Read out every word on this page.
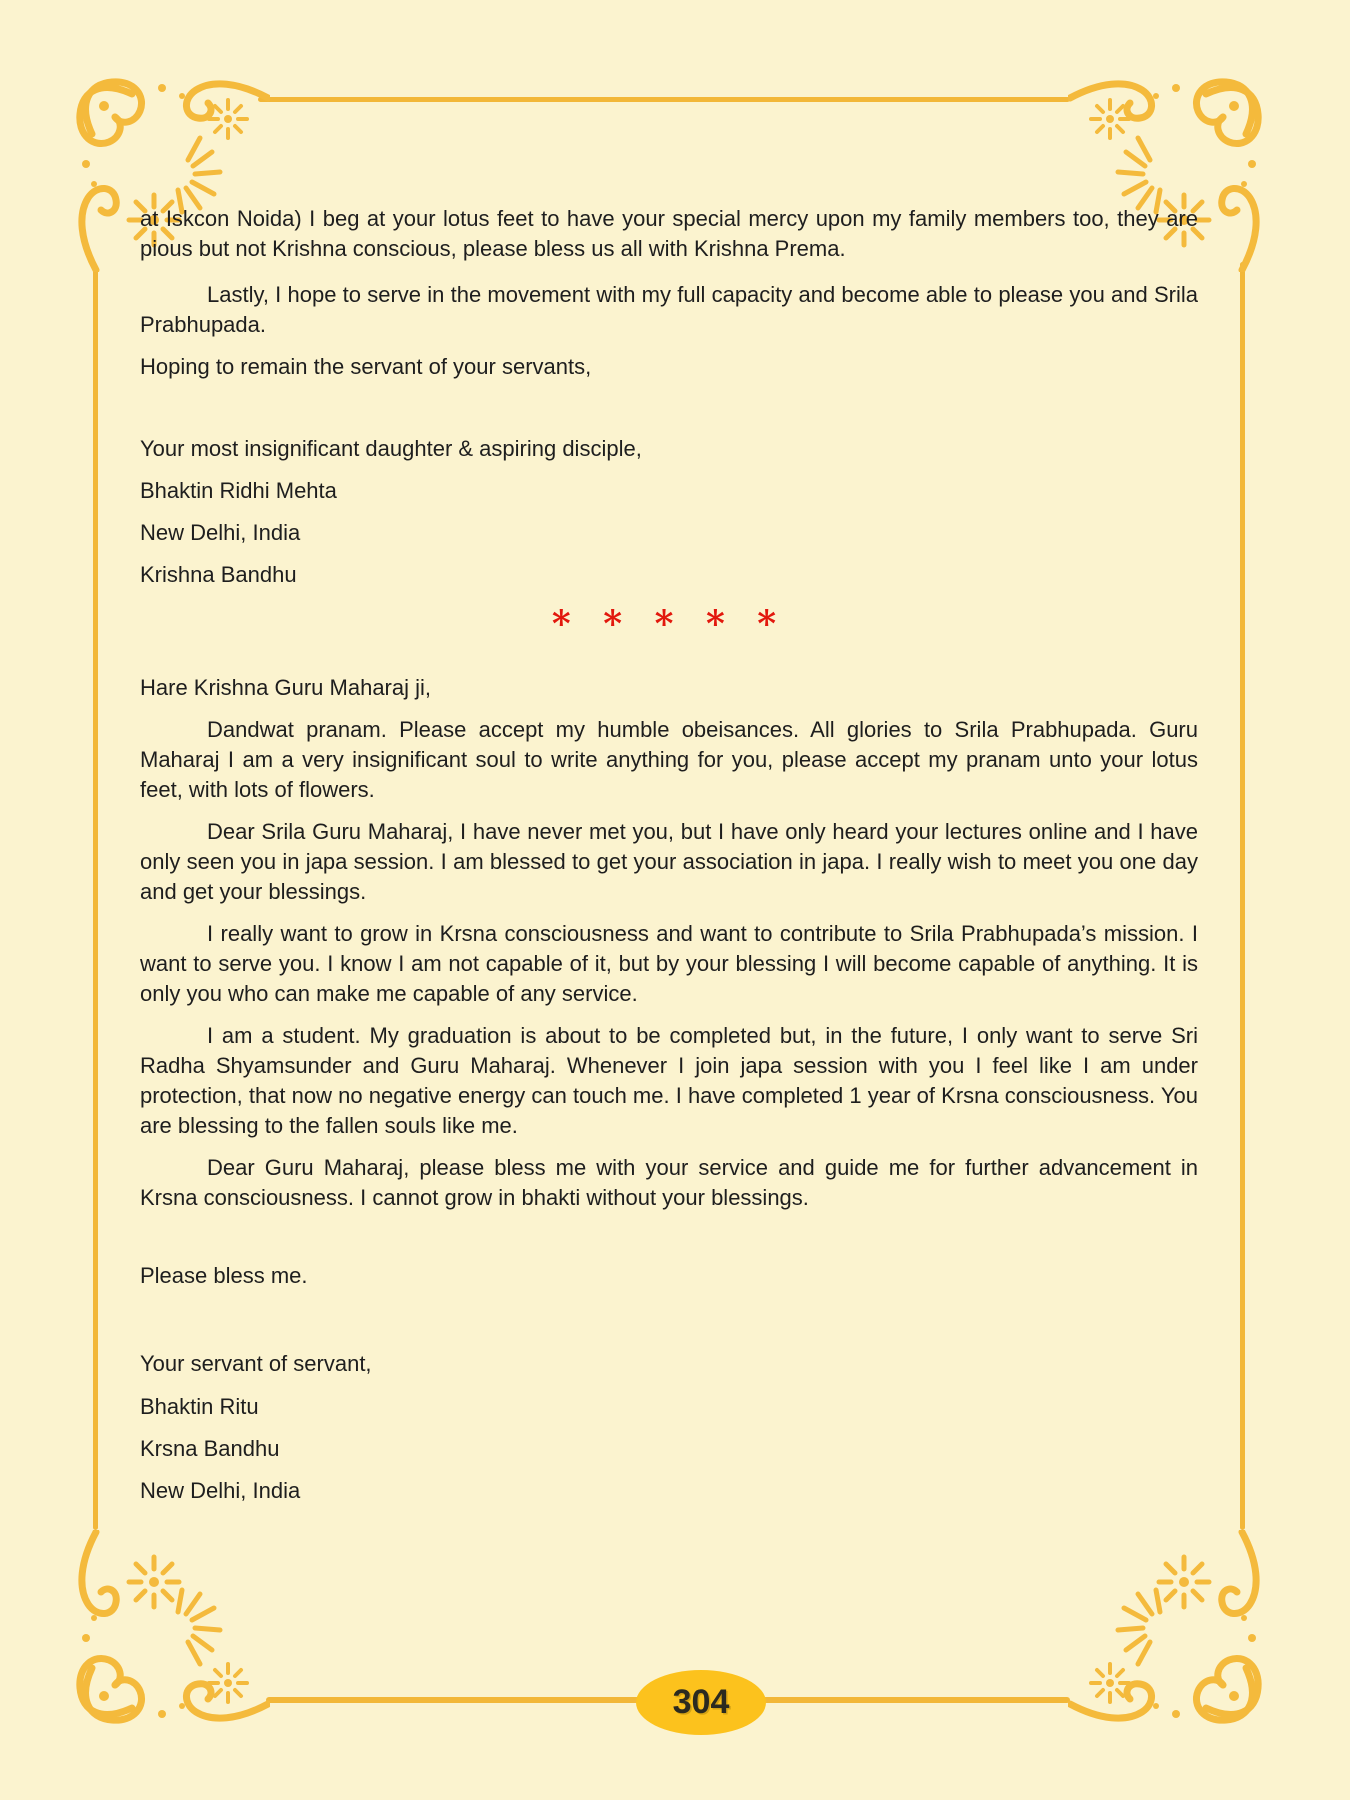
at Iskcon Noida) I beg at your lotus feet to have your special mercy upon my family members too, they are pious but not Krishna conscious, please bless us all with Krishna Prema.

Lastly, I hope to serve in the movement with my full capacity and become able to please you and Srila Prabhupada.

Hoping to remain the servant of your servants,

Your most insignificant daughter & aspiring disciple,

Bhaktin Ridhi Mehta

New Delhi, India

Krishna Bandhu

* * * * *

Hare Krishna Guru Maharaj ji,

Dandwat pranam. Please accept my humble obeisances. All glories to Srila Prabhupada. Guru Maharaj I am a very insignificant soul to write anything for you, please accept my pranam unto your lotus feet, with lots of flowers.

Dear Srila Guru Maharaj, I have never met you, but I have only heard your lectures online and I have only seen you in japa session. I am blessed to get your association in japa. I really wish to meet you one day and get your blessings.

I really want to grow in Krsna consciousness and want to contribute to Srila Prabhupada’s mission. I want to serve you. I know I am not capable of it, but by your blessing I will become capable of anything. It is only you who can make me capable of any service.

I am a student. My graduation is about to be completed but, in the future, I only want to serve Sri Radha Shyamsunder and Guru Maharaj. Whenever I join japa session with you I feel like I am under protection, that now no negative energy can touch me. I have completed 1 year of Krsna consciousness. You are blessing to the fallen souls like me.

Dear Guru Maharaj, please bless me with your service and guide me for further advancement in Krsna consciousness. I cannot grow in bhakti without your blessings.

Please bless me.

Your servant of servant,

Bhaktin Ritu

Krsna Bandhu

New Delhi, India

304
